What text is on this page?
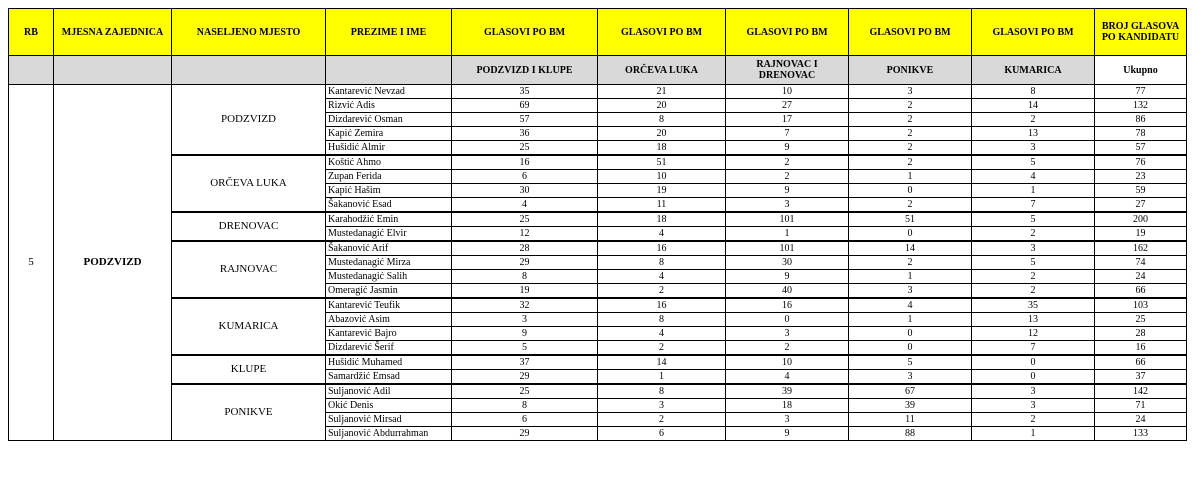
RB	MJESNA ZAJEDNICA	NASELJENO MJESTO	PREZIME I IME	GLASOVI PO BM	GLASOVI PO BM	GLASOVI PO BM	GLASOVI PO BM	GLASOVI PO BM	BROJ GLASOVA PO KANDIDATU
				PODZVIZD I KLUPE	ORČEVA LUKA	RAJNOVAC I DRENOVAC	PONIKVE	KUMARICA	Ukupno
5	PODZVIZD	PODZVIZD	Kantarević Nevzad	35	21	10	3	8	77
			Rizvić Adis	69	20	27	2	14	132
			Dizdarević Osman	57	8	17	2	2	86
			Kapić Zemira	36	20	7	2	13	78
			Hušidić Almir	25	18	9	2	3	57
		ORČEVA LUKA	Koštić Ahmo	16	51	2	2	5	76
			Zupan Ferida	6	10	2	1	4	23
			Kapić Hašim	30	19	9	0	1	59
			Šakanović Esad	4	11	3	2	7	27
		DRENOVAC	Karahodžić Emin	25	18	101	51	5	200
			Mustedanagić Elvir	12	4	1	0	2	19
		RAJNOVAC	Šakanović Arif	28	16	101	14	3	162
			Mustedanagić Mirza	29	8	30	2	5	74
			Mustedanagić Salih	8	4	9	1	2	24
			Omeragić Jasmin	19	2	40	3	2	66
		KUMARICA	Kantarević Teufik	32	16	16	4	35	103
			Abazović Asim	3	8	0	1	13	25
			Kantarević Bajro	9	4	3	0	12	28
			Dizdarević Šerif	5	2	2	0	7	16
		KLUPE	Hušidić Muhamed	37	14	10	5	0	66
			Samardžić Emsad	29	1	4	3	0	37
		PONIKVE	Suljanović Adil	25	8	39	67	3	142
			Okić Denis	8	3	18	39	3	71
			Suljanović Mirsad	6	2	3	11	2	24
			Suljanović Abdurrahman	29	6	9	88	1	133
